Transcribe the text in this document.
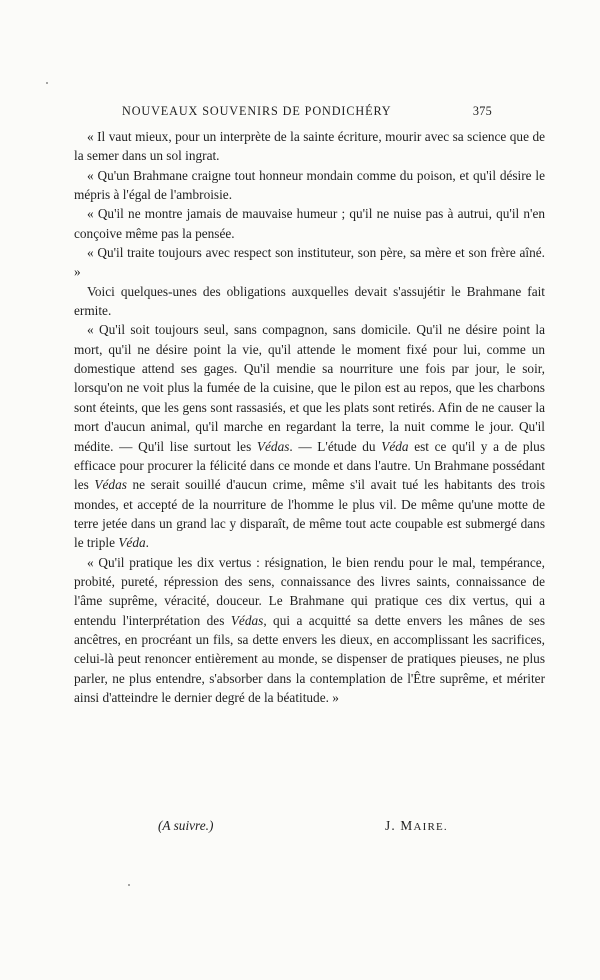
NOUVEAUX SOUVENIRS DE PONDICHÉRY	375

« Il vaut mieux, pour un interprète de la sainte écriture, mourir avec sa science que de la semer dans un sol ingrat.

« Qu'un Brahmane craigne tout honneur mondain comme du poison, et qu'il désire le mépris à l'égal de l'ambroisie.

« Qu'il ne montre jamais de mauvaise humeur ; qu'il ne nuise pas à autrui, qu'il n'en conçoive même pas la pensée.

« Qu'il traite toujours avec respect son instituteur, son père, sa mère et son frère aîné. »

Voici quelques-unes des obligations auxquelles devait s'assujétir le Brahmane fait ermite.

« Qu'il soit toujours seul, sans compagnon, sans domicile. Qu'il ne désire point la mort, qu'il ne désire point la vie, qu'il attende le moment fixé pour lui, comme un domestique attend ses gages. Qu'il mendie sa nourriture une fois par jour, le soir, lorsqu'on ne voit plus la fumée de la cuisine, que le pilon est au repos, que les charbons sont éteints, que les gens sont rassasiés, et que les plats sont retirés. Afin de ne causer la mort d'aucun animal, qu'il marche en regardant la terre, la nuit comme le jour. Qu'il médite. — Qu'il lise surtout les Védas. — L'étude du Véda est ce qu'il y a de plus efficace pour procurer la félicité dans ce monde et dans l'autre. Un Brahmane possédant les Védas ne serait souillé d'aucun crime, même s'il avait tué les habitants des trois mondes, et accepté de la nourriture de l'homme le plus vil. De même qu'une motte de terre jetée dans un grand lac y disparaît, de même tout acte coupable est submergé dans le triple Véda.

« Qu'il pratique les dix vertus : résignation, le bien rendu pour le mal, tempérance, probité, pureté, répression des sens, connaissance des livres saints, connaissance de l'âme suprême, véracité, douceur. Le Brahmane qui pratique ces dix vertus, qui a entendu l'interprétation des Védas, qui a acquitté sa dette envers les mânes de ses ancêtres, en procréant un fils, sa dette envers les dieux, en accomplissant les sacrifices, celui-là peut renoncer entièrement au monde, se dispenser de pratiques pieuses, ne plus parler, ne plus entendre, s'absorber dans la contemplation de l'Être suprême, et mériter ainsi d'atteindre le dernier degré de la béatitude. »

(A suivre.)	J. MAIRE.
